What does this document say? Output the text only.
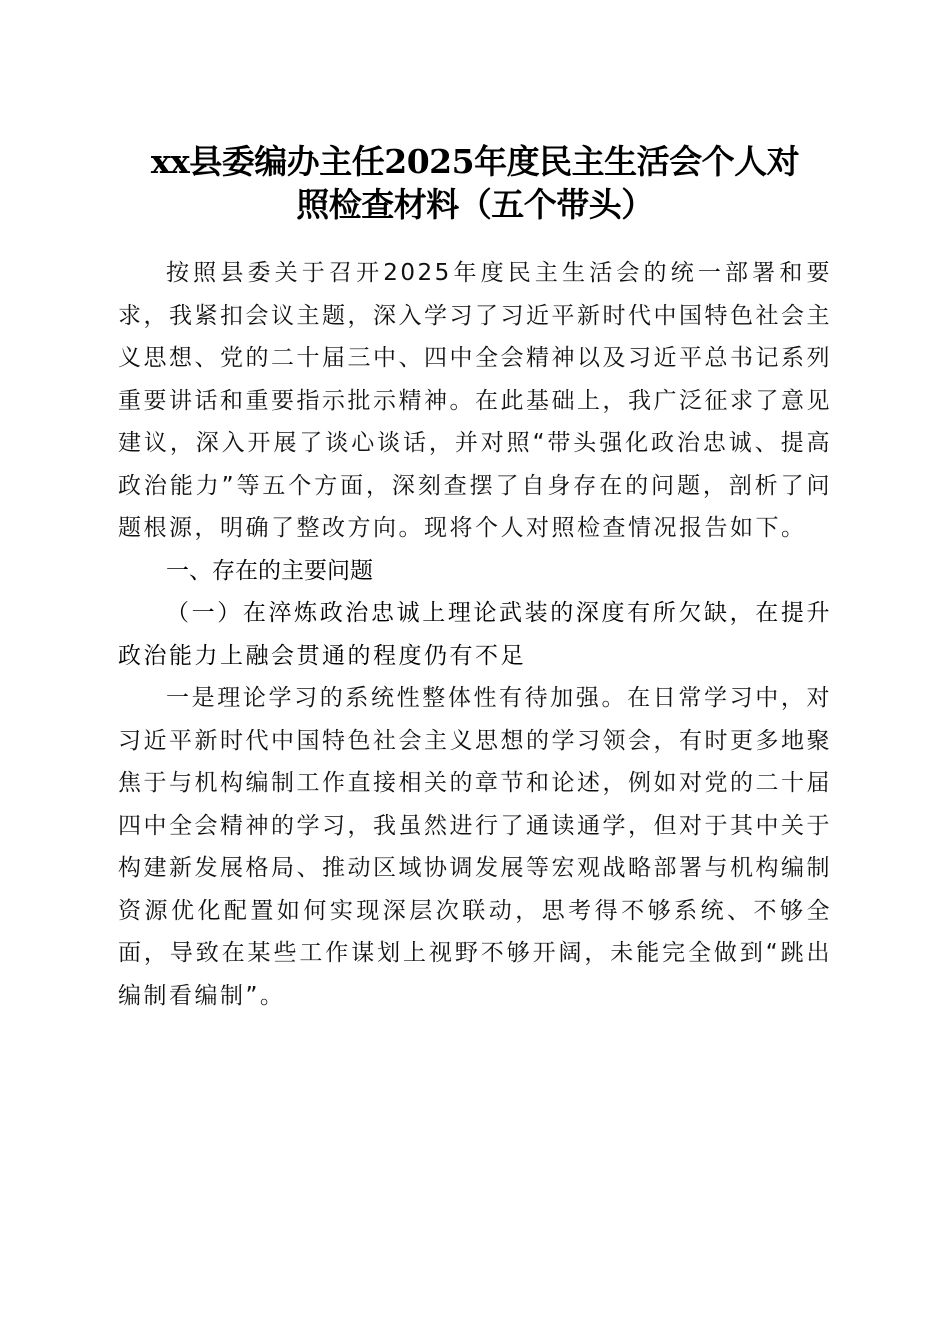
xx县委编办主任2025年度民主生活会个人对
照检查材料（五个带头）

按照县委关于召开2025年度民主生活会的统一部署和要求，我紧扣会议主题，深入学习了习近平新时代中国特色社会主义思想、党的二十届三中、四中全会精神以及习近平总书记系列重要讲话和重要指示批示精神。在此基础上，我广泛征求了意见建议，深入开展了谈心谈话，并对照“带头强化政治忠诚、提高政治能力”等五个方面，深刻查摆了自身存在的问题，剖析了问题根源，明确了整改方向。现将个人对照检查情况报告如下。

一、存在的主要问题

（一）在淬炼政治忠诚上理论武装的深度有所欠缺，在提升政治能力上融会贯通的程度仍有不足

一是理论学习的系统性整体性有待加强。在日常学习中，对习近平新时代中国特色社会主义思想的学习领会，有时更多地聚焦于与机构编制工作直接相关的章节和论述，例如对党的二十届四中全会精神的学习，我虽然进行了通读通学，但对于其中关于构建新发展格局、推动区域协调发展等宏观战略部署与机构编制资源优化配置如何实现深层次联动，思考得不够系统、不够全面，导致在某些工作谋划上视野不够开阔，未能完全做到“跳出编制看编制”。
